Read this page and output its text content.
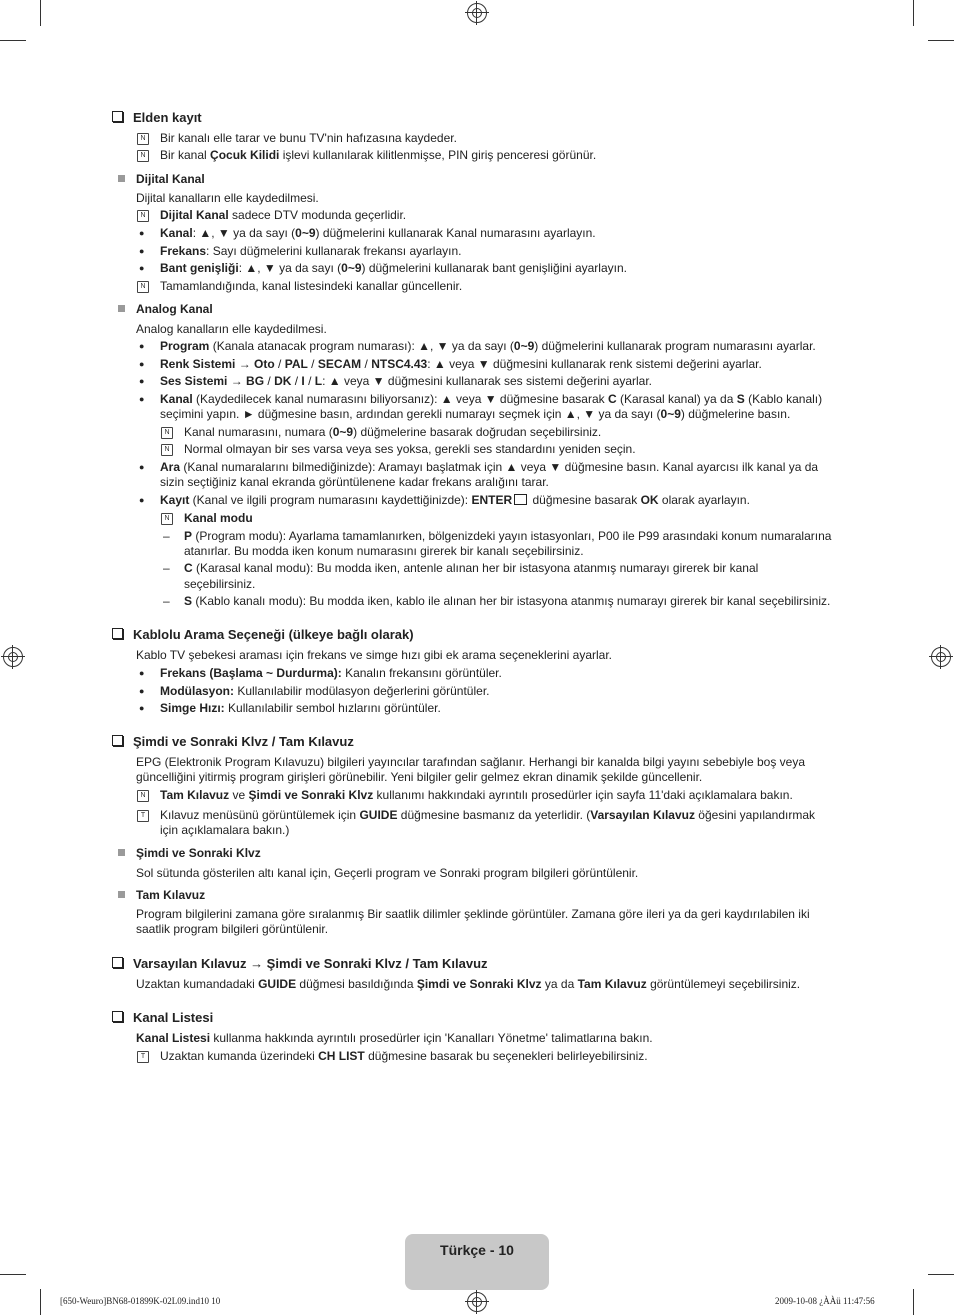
Elden kayıt
N Bir kanalı elle tarar ve bunu TV'nin hafızasına kaydeder.
N Bir kanal Çocuk Kilidi işlevi kullanılarak kilitlenmişse, PIN giriş penceresi görünür.
Dijital Kanal
Dijital kanalların elle kaydedilmesi.
N Dijital Kanal sadece DTV modunda geçerlidir.
● Kanal: ▲, ▼ ya da sayı (0~9) düğmelerini kullanarak Kanal numarasını ayarlayın.
● Frekans: Sayı düğmelerini kullanarak frekansı ayarlayın.
● Bant genişliği: ▲, ▼ ya da sayı (0~9) düğmelerini kullanarak bant genişliğini ayarlayın.
N Tamamlandığında, kanal listesindeki kanallar güncellenir.
Analog Kanal
Analog kanalların elle kaydedilmesi.
● Program (Kanala atanacak program numarası): ▲, ▼ ya da sayı (0~9) düğmelerini kullanarak program numarasını ayarlar.
● Renk Sistemi → Oto / PAL / SECAM / NTSC4.43: ▲ veya ▼ düğmesini kullanarak renk sistemi değerini ayarlar.
● Ses Sistemi → BG / DK / I / L: ▲ veya ▼ düğmesini kullanarak ses sistemi değerini ayarlar.
● Kanal (Kaydedilecek kanal numarasını biliyorsanız): ▲ veya ▼ düğmesine basarak C (Karasal kanal) ya da S (Kablo kanalı)
seçimini yapın. ► düğmesine basın, ardından gerekli numarayı seçmek için ▲, ▼ ya da sayı (0~9) düğmelerine basın.
N Kanal numarasını, numara (0~9) düğmelerine basarak doğrudan seçebilirsiniz.
N Normal olmayan bir ses varsa veya ses yoksa, gerekli ses standardını yeniden seçin.
● Ara (Kanal numaralarını bilmediğinizde): Aramayı başlatmak için ▲ veya ▼ düğmesine basın. Kanal ayarcısı ilk kanal ya da
sizin seçtiğiniz kanal ekranda görüntülenene kadar frekans aralığını tarar.
● Kayıt (Kanal ve ilgili program numarasını kaydettiğinizde): ENTER düğmesine basarak OK olarak ayarlayın.
N Kanal modu
– P (Program modu): Ayarlama tamamlanırken, bölgenizdeki yayın istasyonları, P00 ile P99 arasındaki konum numaralarına
atanırlar. Bu modda iken konum numarasını girerek bir kanalı seçebilirsiniz.
– C (Karasal kanal modu): Bu modda iken, antenle alınan her bir istasyona atanmış numarayı girerek bir kanal
seçebilirsiniz.
– S (Kablo kanalı modu): Bu modda iken, kablo ile alınan her bir istasyona atanmış numarayı girerek bir kanal seçebilirsiniz.
Kablolu Arama Seçeneği (ülkeye bağlı olarak)
Kablo TV şebekesi araması için frekans ve simge hızı gibi ek arama seçeneklerini ayarlar.
● Frekans (Başlama ~ Durdurma): Kanalın frekansını görüntüler.
● Modülasyon: Kullanılabilir modülasyon değerlerini görüntüler.
● Simge Hızı: Kullanılabilir sembol hızlarını görüntüler.
Şimdi ve Sonraki Klvz / Tam Kılavuz
EPG (Elektronik Program Kılavuzu) bilgileri yayıncılar tarafından sağlanır. Herhangi bir kanalda bilgi yayını sebebiyle boş veya
güncelliğini yitirmiş program girişleri görünebilir. Yeni bilgiler gelir gelmez ekran dinamik şekilde güncellenir.
N Tam Kılavuz ve Şimdi ve Sonraki Klvz kullanımı hakkındaki ayrıntılı prosedürler için sayfa 11'daki açıklamalara bakın.
T	Kılavuz menüsünü görüntülemek için GUIDE düğmesine basmanız da yeterlidir. (Varsayılan Kılavuz öğesini yapılandırmak
için açıklamalara bakın.)
Şimdi ve Sonraki Klvz
Sol sütunda gösterilen altı kanal için, Geçerli program ve Sonraki program bilgileri görüntülenir.
Tam Kılavuz
Program bilgilerini zamana göre sıralanmış Bir saatlik dilimler şeklinde görüntüler. Zamana göre ileri ya da geri kaydırılabilen iki
saatlik program bilgileri görüntülenir.
Varsayılan Kılavuz → Şimdi ve Sonraki Klvz / Tam Kılavuz
Uzaktan kumandadaki GUIDE düğmesi basıldığında Şimdi ve Sonraki Klvz ya da Tam Kılavuz görüntülemeyi seçebilirsiniz.
Kanal Listesi
Kanal Listesi kullanma hakkında ayrıntılı prosedürler için 'Kanalları Yönetme' talimatlarına bakın.
T	Uzaktan kumanda üzerindeki CH LIST düğmesine basarak bu seçenekleri belirleyebilirsiniz.
Türkçe - 10
[650-Weuro]BN68-01899K-02L09.ind10 10	2009-10-08 ¿ÀÀü 11:47:56
